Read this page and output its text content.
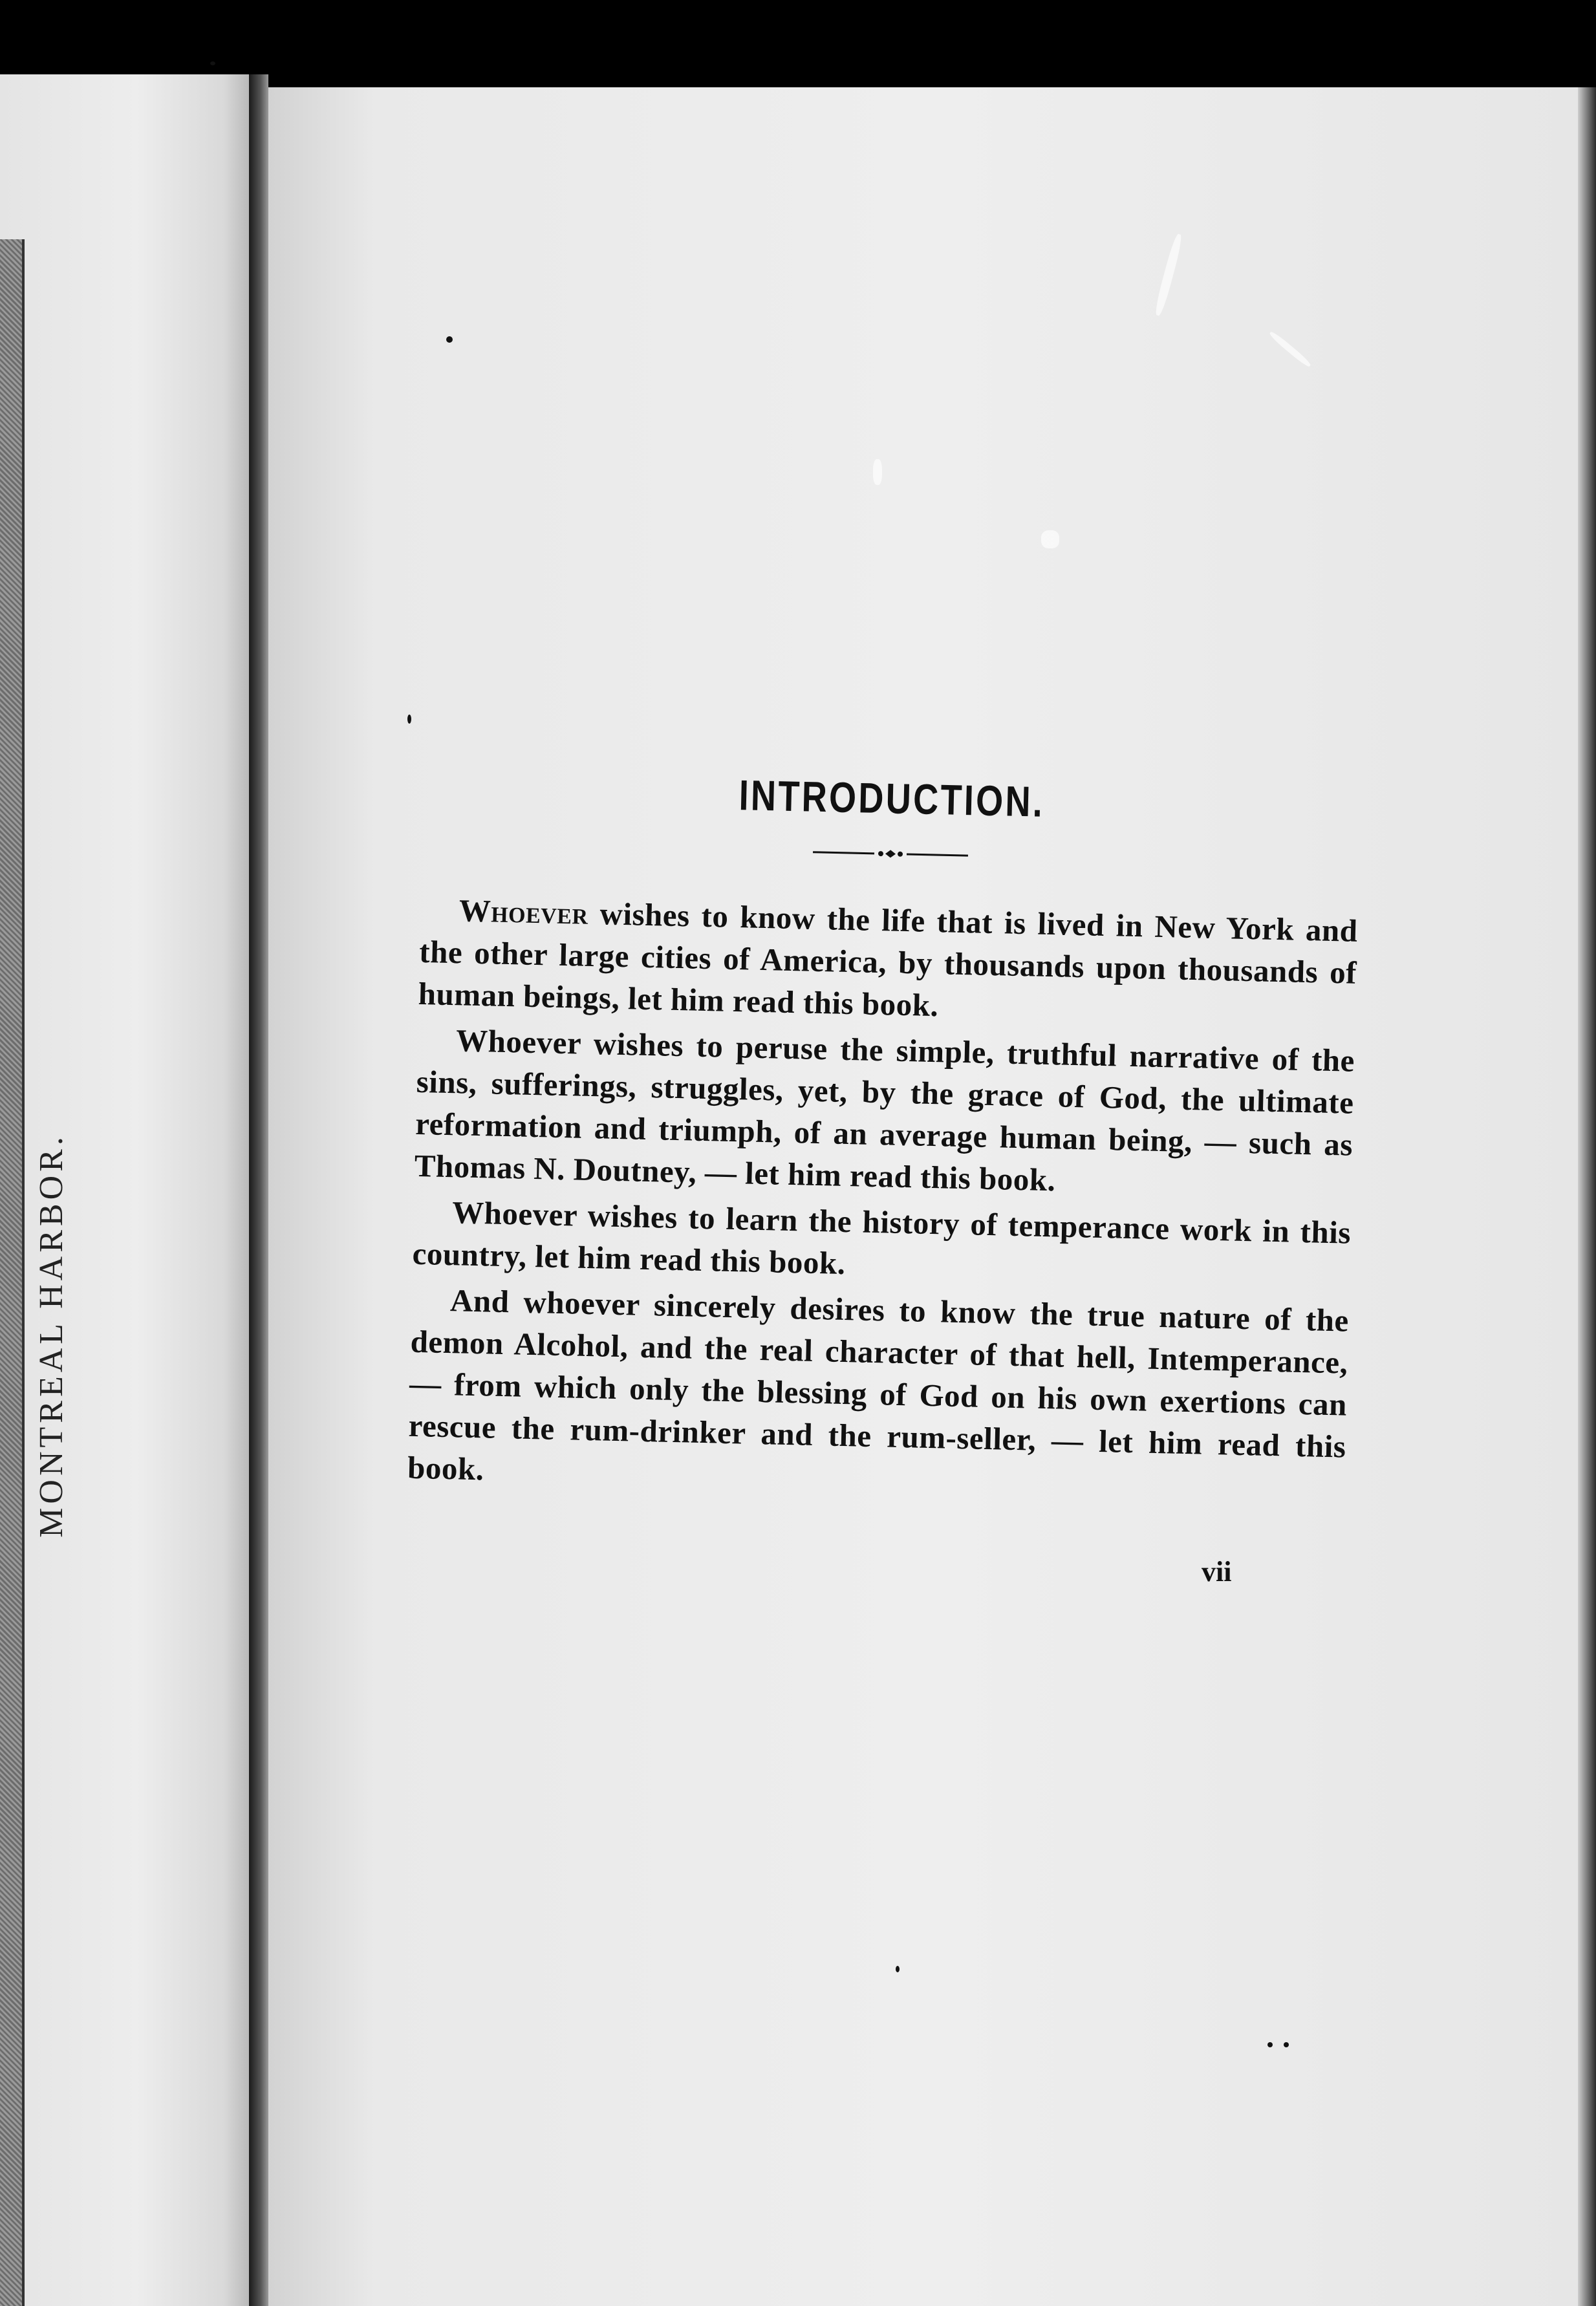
MONTREAL HARBOR.
INTRODUCTION.

Whoever wishes to know the life that is lived in New York and the other large cities of America, by thousands upon thousands of human beings, let him read this book.

Whoever wishes to peruse the simple, truthful narrative of the sins, sufferings, struggles, yet, by the grace of God, the ultimate reformation and triumph, of an average human being, — such as Thomas N. Doutney, — let him read this book.

Whoever wishes to learn the history of temperance work in this country, let him read this book.

And whoever sincerely desires to know the true nature of the demon Alcohol, and the real character of that hell, Intemperance, — from which only the blessing of God on his own exertions can rescue the rum-drinker and the rum-seller, — let him read this book.

vii
